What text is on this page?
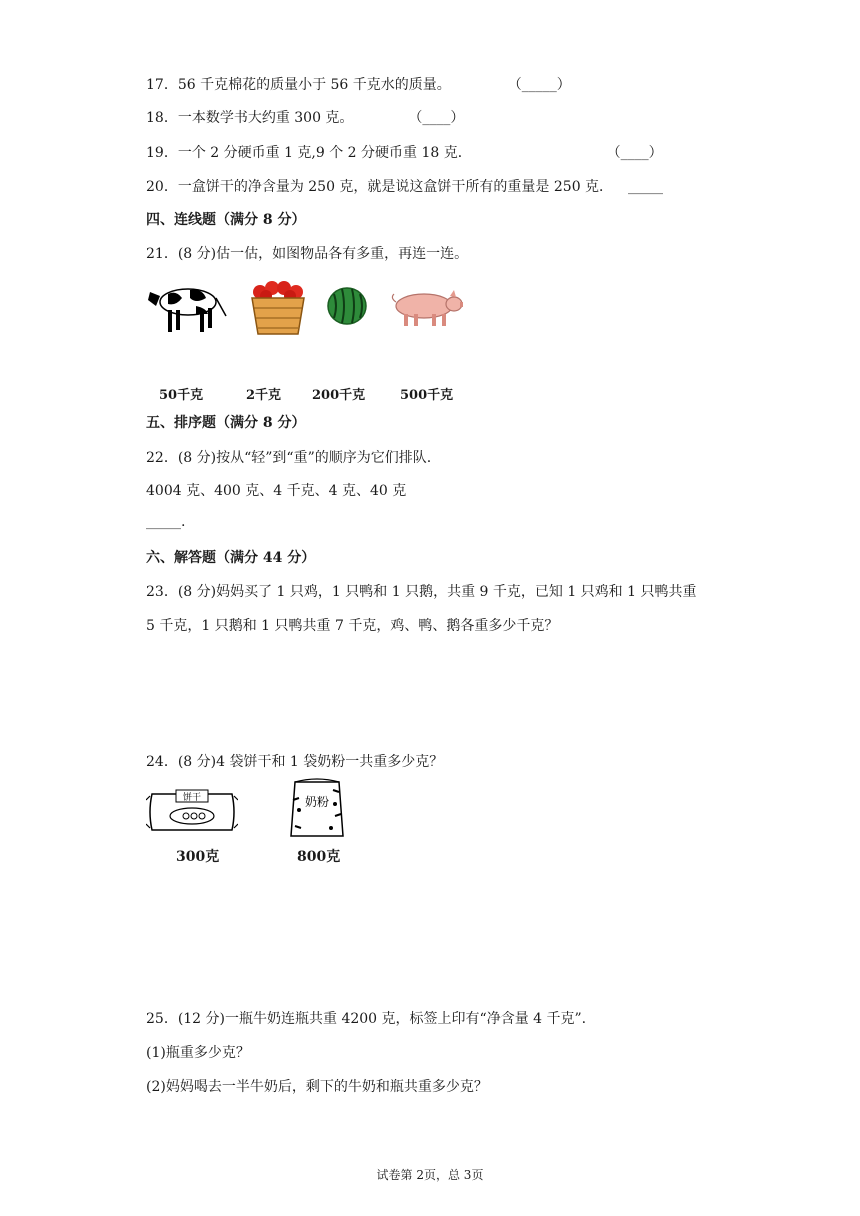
17．56 千克棉花的质量小于 56 千克水的质量。	（_____）
18．一本数学书大约重 300 克。	（____）
19．一个 2 分硬币重 1 克,9 个 2 分硬币重 18 克．	（____）
20．一盒饼干的净含量为 250 克，就是说这盒饼干所有的重量是 250 克． _____
四、连线题（满分 8 分）
21．(8 分)估一估，如图物品各有多重，再连一连。
50千克	2千克 200千克	500千克
五、排序题（满分 8 分）
22．(8 分)按从“轻”到“重”的顺序为它们排队.
4004 克、400 克、4 千克、4 克、40 克
_____.
六、解答题（满分 44 分）
23．(8 分)妈妈买了 1 只鸡，1 只鸭和 1 只鹅，共重 9 千克，已知 1 只鸡和 1 只鸭共重
5 千克，1 只鹅和 1 只鸭共重 7 千克，鸡、鸭、鹅各重多少千克？
24．(8 分)4 袋饼干和 1 袋奶粉一共重多少克？
饼干	奶粉
300克	800克
25．(12 分)一瓶牛奶连瓶共重 4200 克，标签上印有“净含量 4 千克”.
(1)瓶重多少克？
(2)妈妈喝去一半牛奶后，剩下的牛奶和瓶共重多少克？
试卷第 2页，总 3页
